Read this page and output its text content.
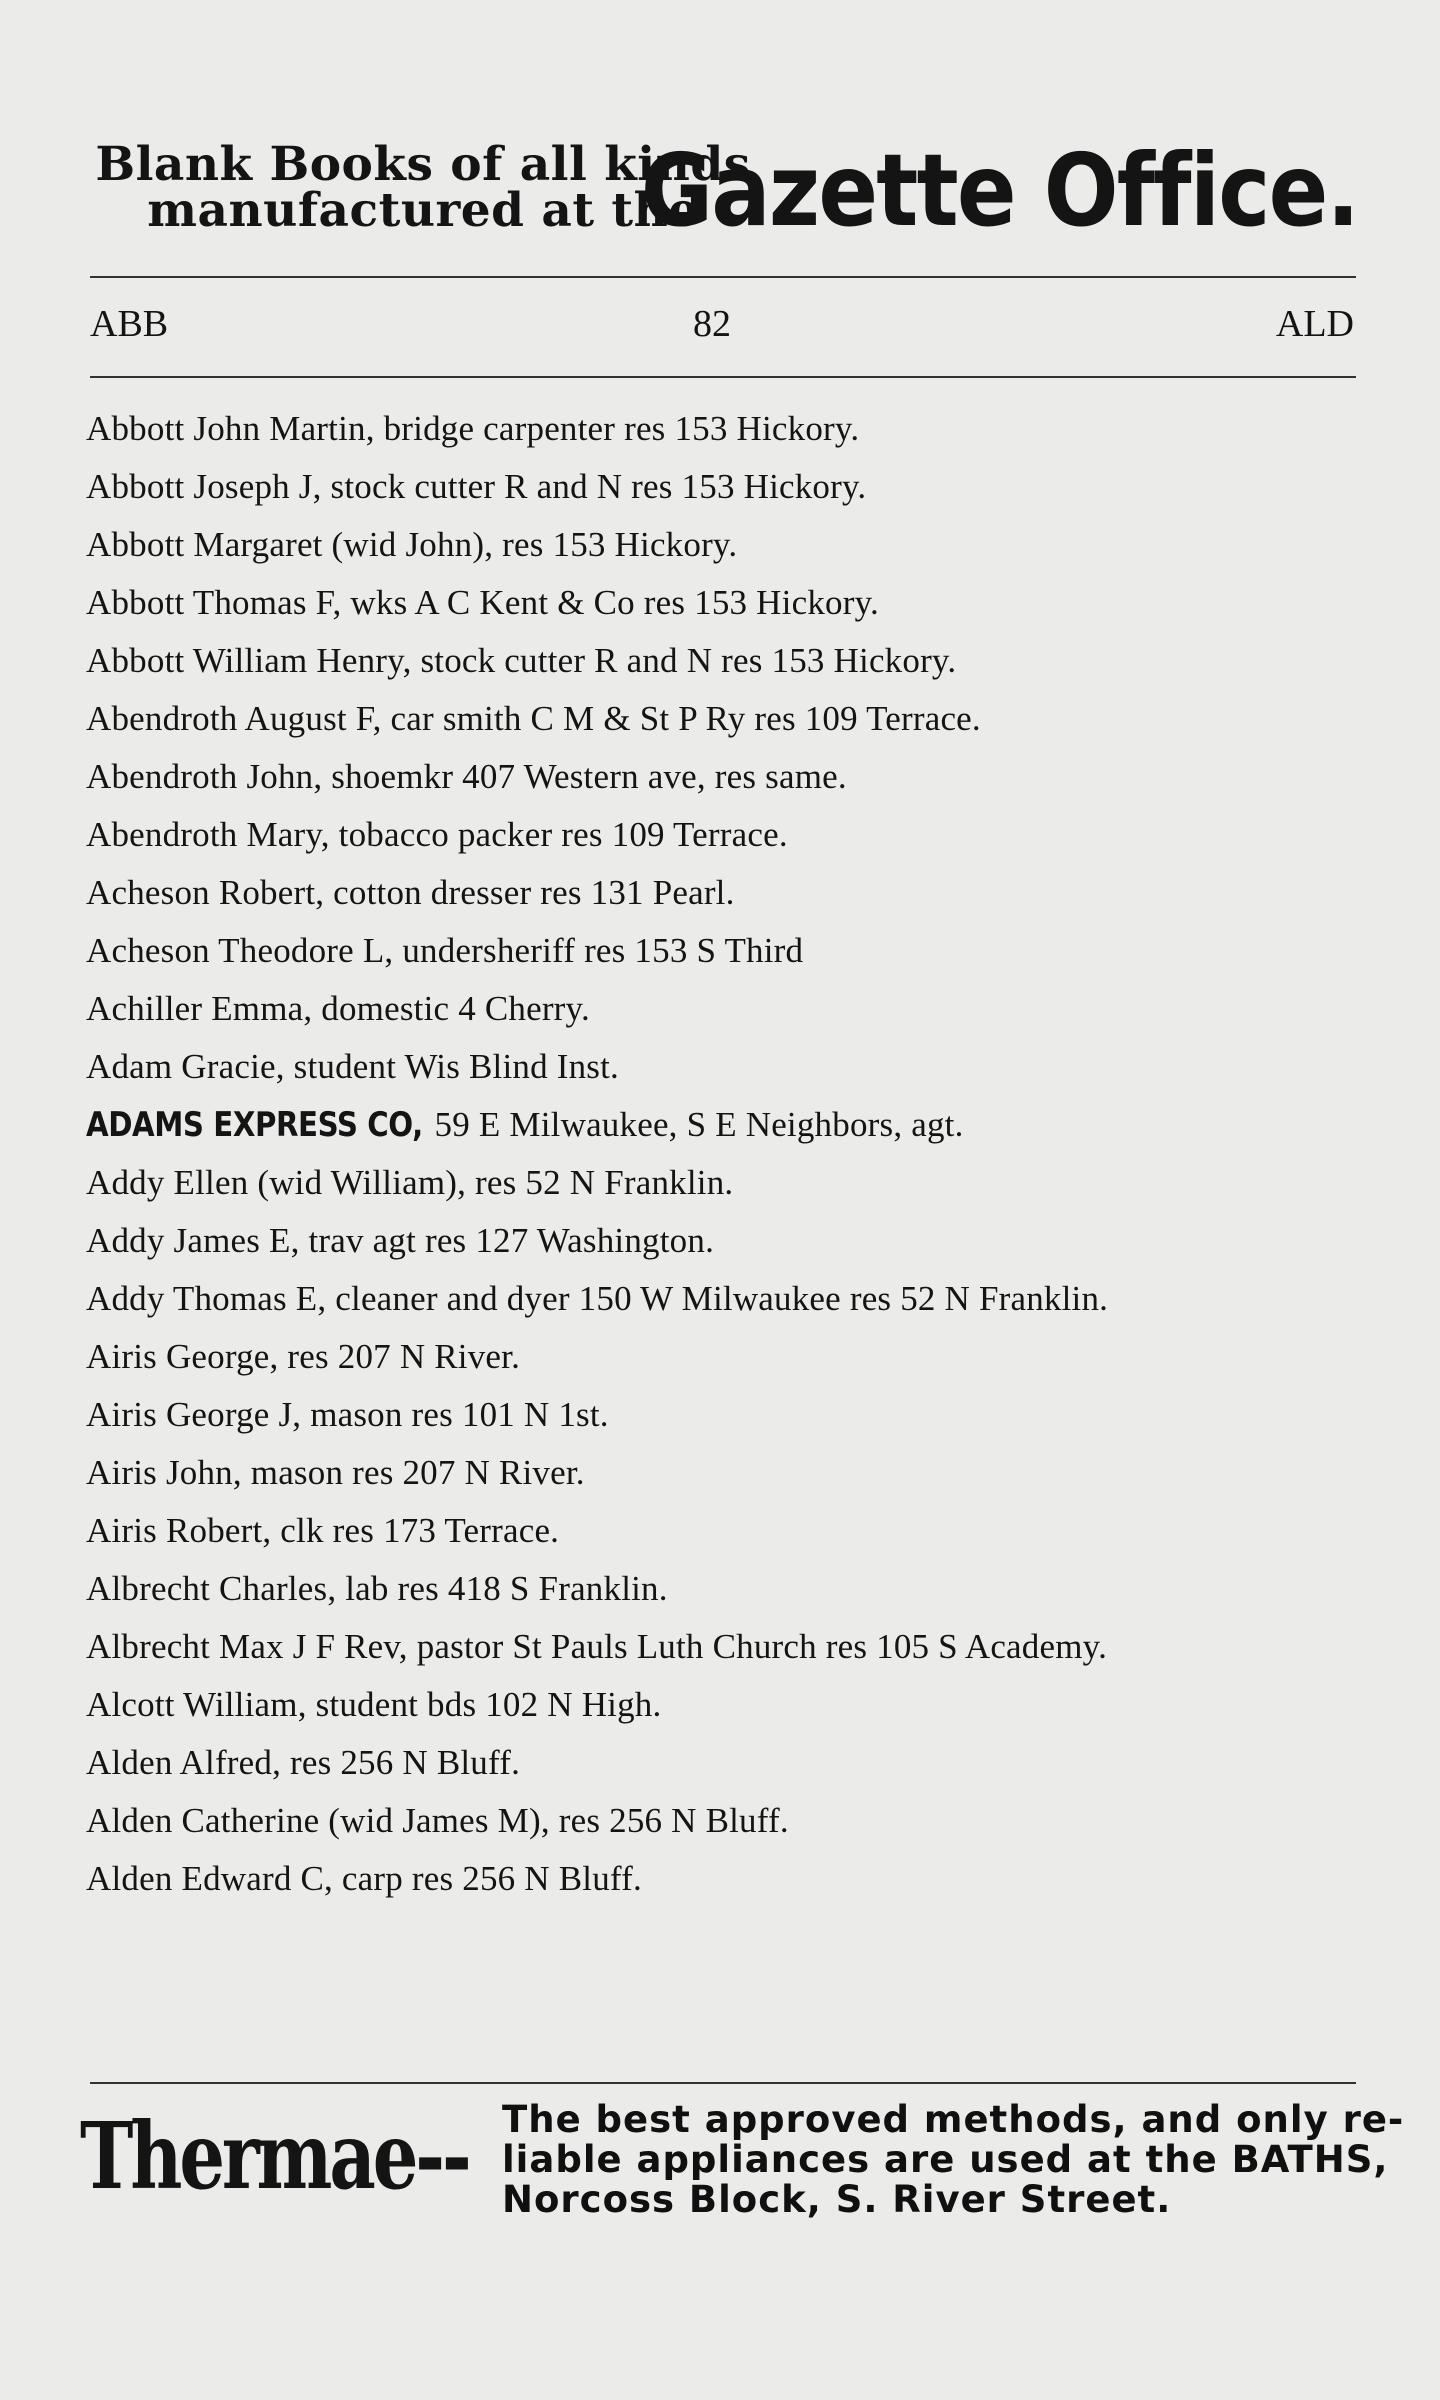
Blank Books of all kinds
manufactured at the
Gazette Office.
ABB	82	ALD
Abbott John Martin, bridge carpenter res 153 Hickory.
Abbott Joseph J, stock cutter R and N res 153 Hickory.
Abbott Margaret (wid John), res 153 Hickory.
Abbott Thomas F, wks A C Kent & Co res 153 Hickory.
Abbott William Henry, stock cutter R and N res 153 Hickory.
Abendroth August F, car smith C M & St P Ry res 109 Terrace.
Abendroth John, shoemkr 407 Western ave, res same.
Abendroth Mary, tobacco packer res 109 Terrace.
Acheson Robert, cotton dresser res 131 Pearl.
Acheson Theodore L, undersheriff res 153 S Third
Achiller Emma, domestic 4 Cherry.
Adam Gracie, student Wis Blind Inst.
ADAMS EXPRESS CO, 59 E Milwaukee, S E Neighbors, agt.
Addy Ellen (wid William), res 52 N Franklin.
Addy James E, trav agt res 127 Washington.
Addy Thomas E, cleaner and dyer 150 W Milwaukee res 52 N Franklin.
Airis George, res 207 N River.
Airis George J, mason res 101 N 1st.
Airis John, mason res 207 N River.
Airis Robert, clk res 173 Terrace.
Albrecht Charles, lab res 418 S Franklin.
Albrecht Max J F Rev, pastor St Pauls Luth Church res 105 S Academy.
Alcott William, student bds 102 N High.
Alden Alfred, res 256 N Bluff.
Alden Catherine (wid James M), res 256 N Bluff.
Alden Edward C, carp res 256 N Bluff.
Thermae-- The best approved methods, and only re-
liable appliances are used at the BATHS,
Norcoss Block, S. River Street.
